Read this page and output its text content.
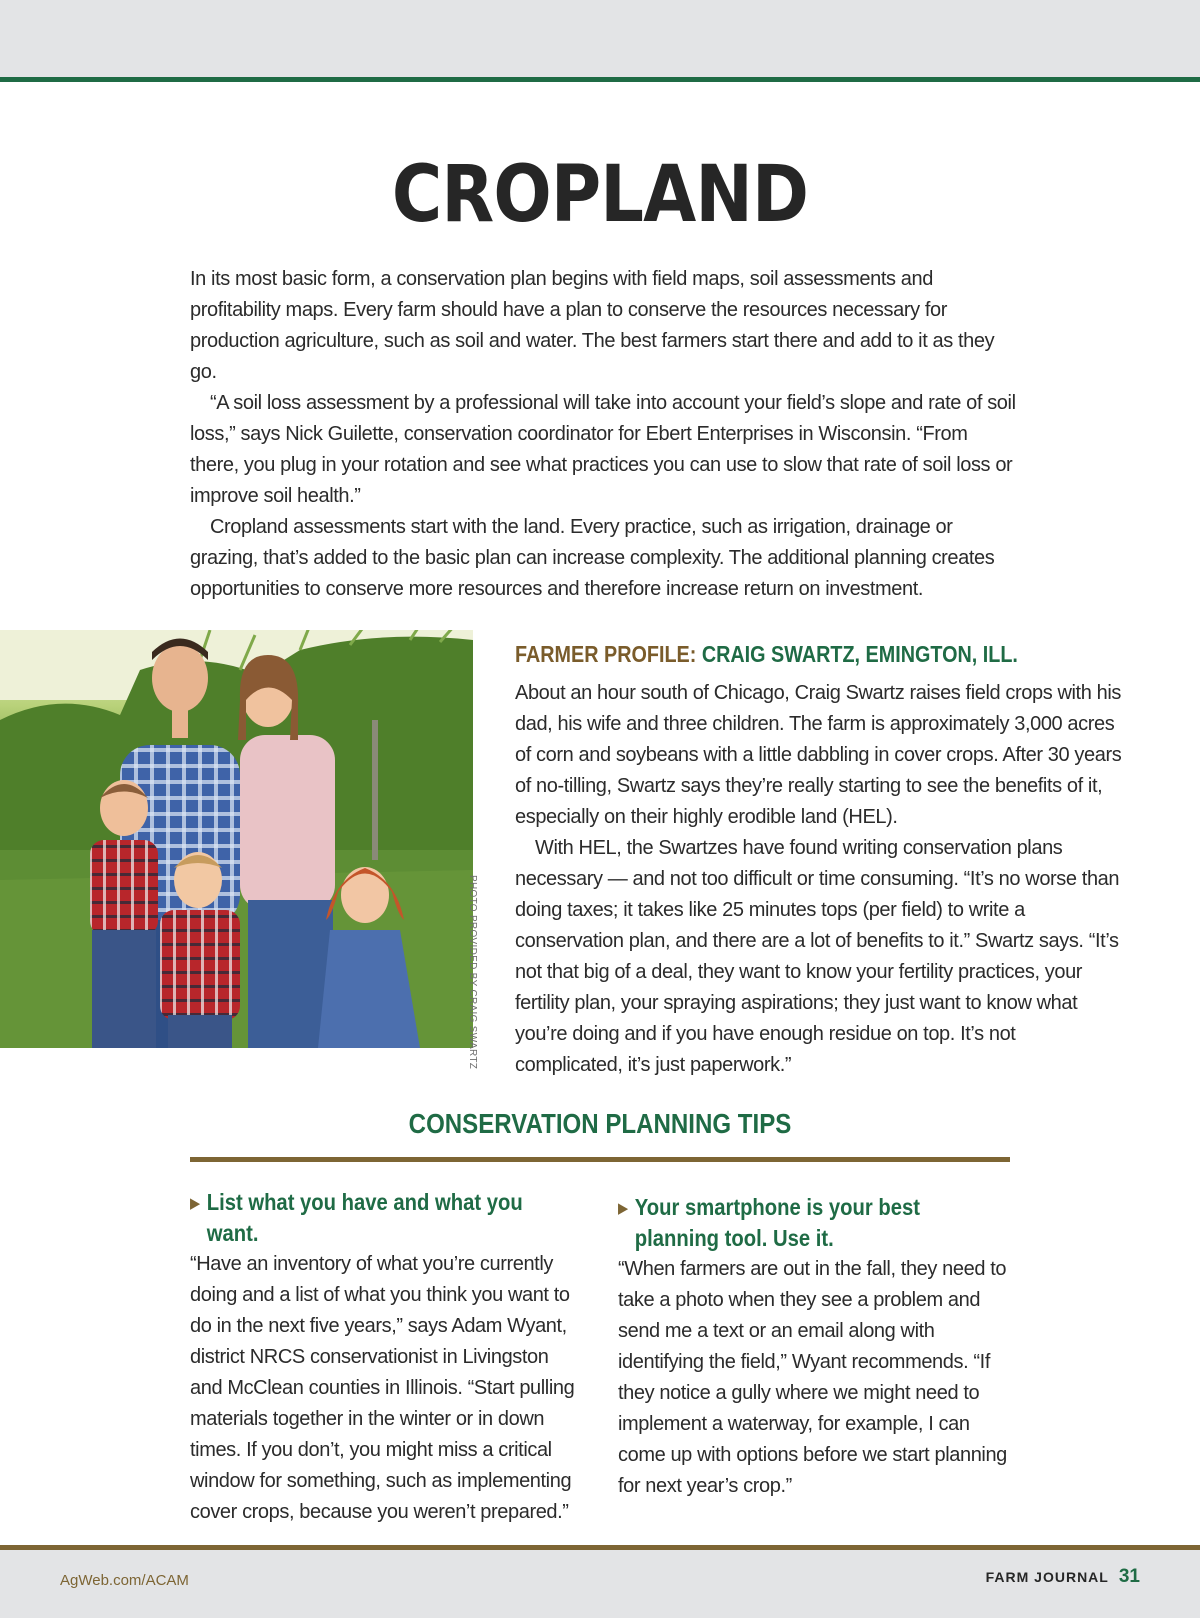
CROPLAND

In its most basic form, a conservation plan begins with field maps, soil assessments and profitability maps. Every farm should have a plan to conserve the resources necessary for production agriculture, such as soil and water. The best farmers start there and add to it as they go.

“A soil loss assessment by a professional will take into account your field’s slope and rate of soil loss,” says Nick Guilette, conservation coordinator for Ebert Enterprises in Wisconsin. “From there, you plug in your rotation and see what practices you can use to slow that rate of soil loss or improve soil health.”

Cropland assessments start with the land. Every practice, such as irrigation, drainage or grazing, that’s added to the basic plan can increase complexity. The additional planning creates opportunities to conserve more resources and therefore increase return on investment.

PHOTO PROVIDED BY CRAIG SWARTZ
FARMER PROFILE: CRAIG SWARTZ, EMINGTON, ILL.

About an hour south of Chicago, Craig Swartz raises field crops with his dad, his wife and three children. The farm is approximately 3,000 acres of corn and soybeans with a little dabbling in cover crops. After 30 years of no-tilling, Swartz says they’re really starting to see the benefits of it, especially on their highly erodible land (HEL).

With HEL, the Swartzes have found writing conservation plans necessary — and not too difficult or time consuming. “It’s no worse than doing taxes; it takes like 25 minutes tops (per field) to write a conservation plan, and there are a lot of benefits to it.” Swartz says. “It’s not that big of a deal, they want to know your fertility practices, your fertility plan, your spraying aspirations; they just want to know what you’re doing and if you have enough residue on top. It’s not complicated, it’s just paperwork.”

CONSERVATION PLANNING TIPS
▶ List what you have and what you want.

“Have an inventory of what you’re currently doing and a list of what you think you want to do in the next five years,” says Adam Wyant, district NRCS conservationist in Livingston and McClean counties in Illinois. “Start pulling materials together in the winter or in down times. If you don’t, you might miss a critical window for something, such as implementing cover crops, because you weren’t prepared.”

▶ Your smartphone is your best planning tool. Use it.

“When farmers are out in the fall, they need to take a photo when they see a problem and send me a text or an email along with identifying the field,” Wyant recommends. “If they notice a gully where we might need to implement a waterway, for example, I can come up with options before we start planning for next year’s crop.”

AgWeb.com/ACAM	FARM JOURNAL 31
